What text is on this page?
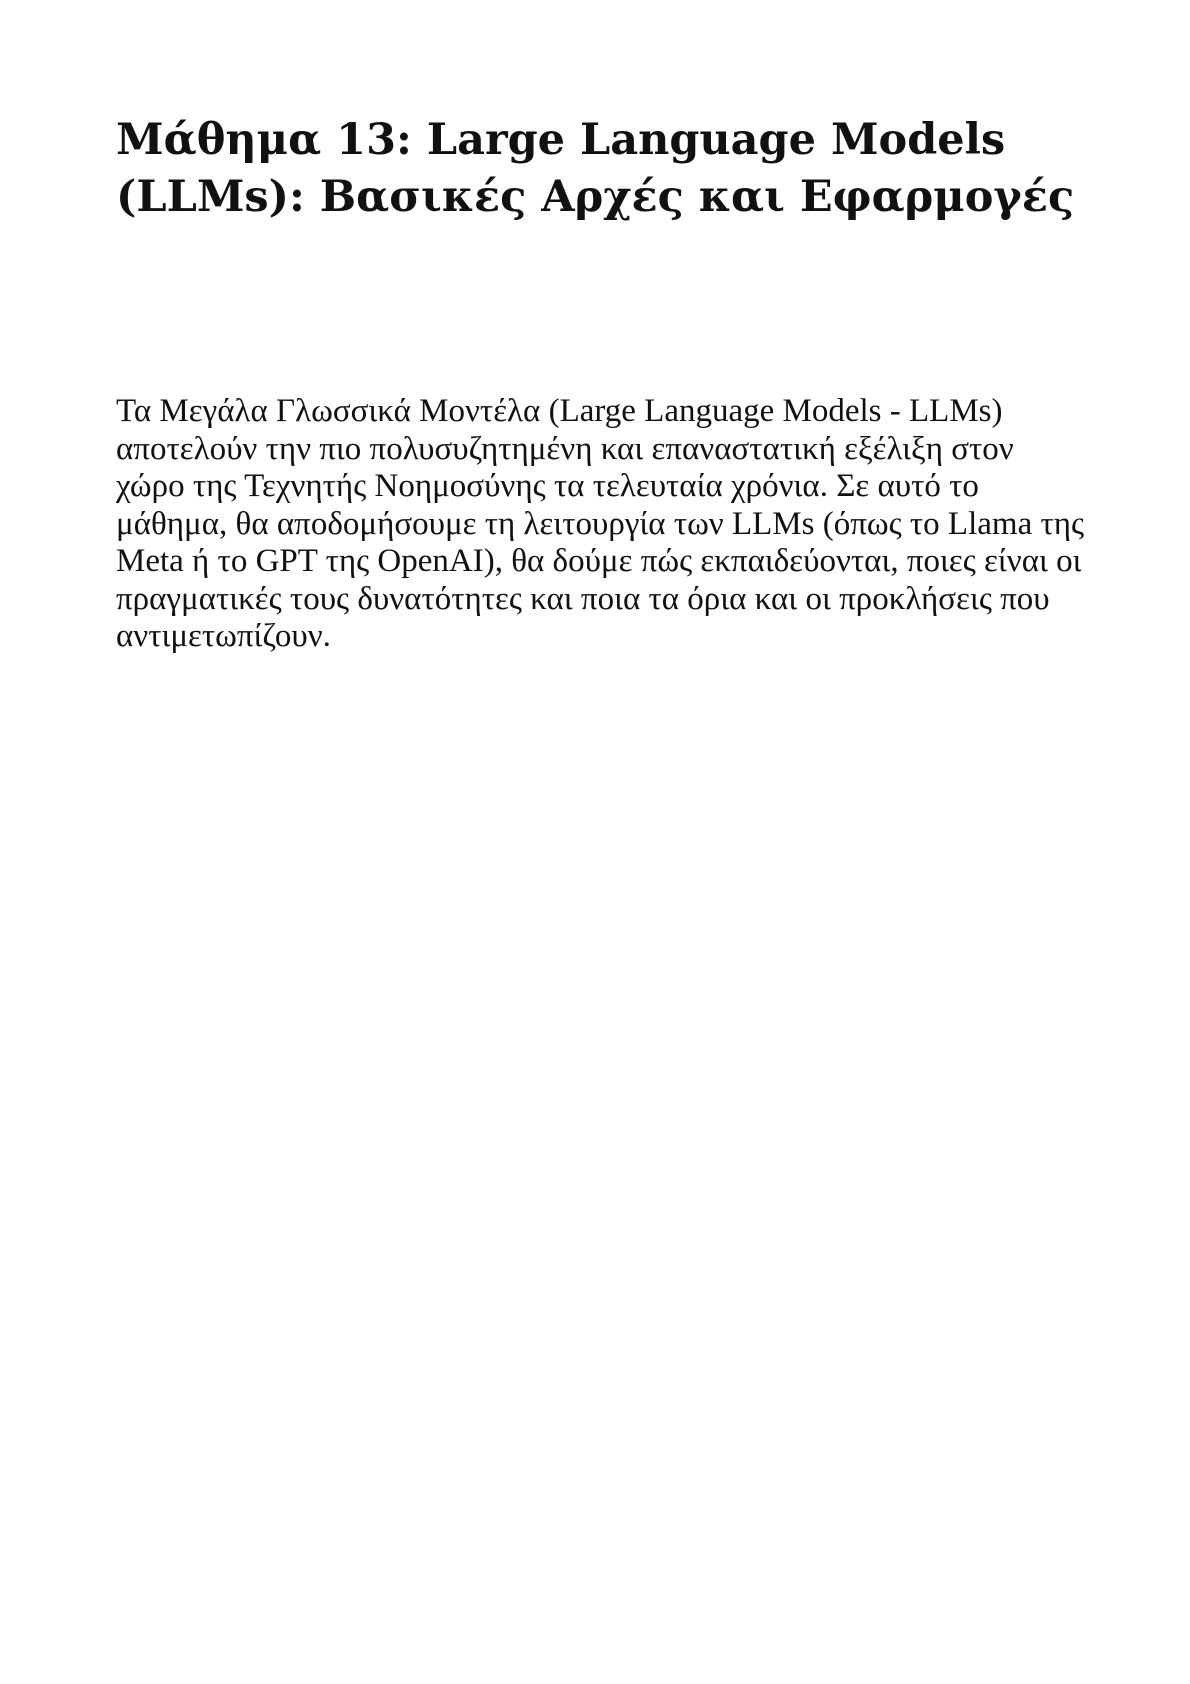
Μάθημα 13: Large Language Models (LLMs): Βασικές Αρχές και Εφαρμογές

Τα Μεγάλα Γλωσσικά Μοντέλα (Large Language Models - LLMs) αποτελούν την πιο πολυσυζητημένη και επαναστατική εξέλιξη στον χώρο της Τεχνητής Νοημοσύνης τα τελευταία χρόνια. Σε αυτό το μάθημα, θα αποδομήσουμε τη λειτουργία των LLMs (όπως το Llama της Meta ή το GPT της OpenAI), θα δούμε πώς εκπαιδεύονται, ποιες είναι οι πραγματικές τους δυνατότητες και ποια τα όρια και οι προκλήσεις που αντιμετωπίζουν.
